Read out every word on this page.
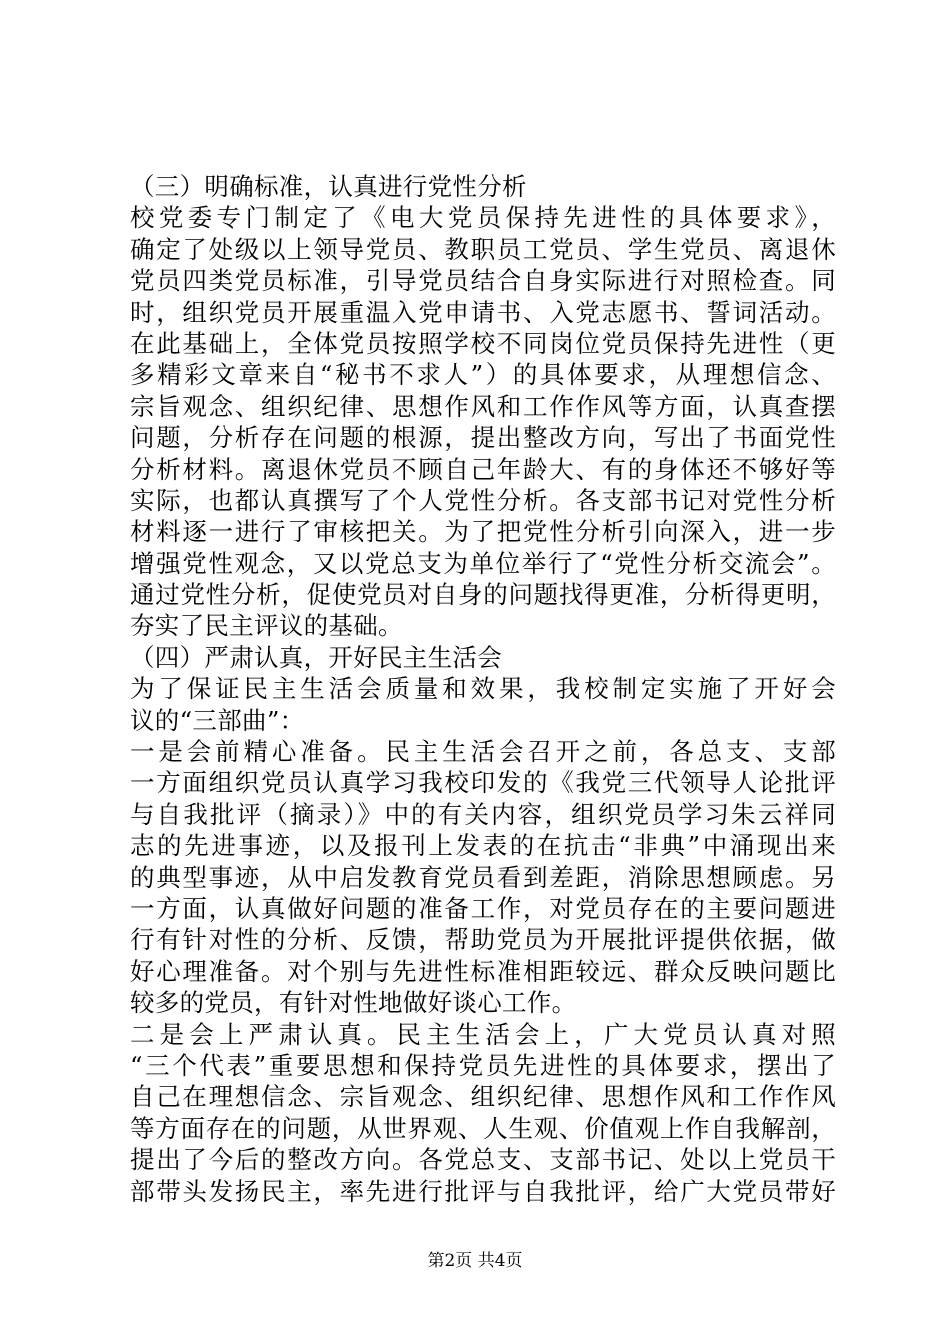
（三）明确标准，认真进行党性分析
校党委专门制定了《电大党员保持先进性的具体要求》，
确定了处级以上领导党员、教职员工党员、学生党员、离退休
党员四类党员标准，引导党员结合自身实际进行对照检查。同
时，组织党员开展重温入党申请书、入党志愿书、誓词活动。
在此基础上，全体党员按照学校不同岗位党员保持先进性（更
多精彩文章来自“秘书不求人”）的具体要求，从理想信念、
宗旨观念、组织纪律、思想作风和工作作风等方面，认真查摆
问题，分析存在问题的根源，提出整改方向，写出了书面党性
分析材料。离退休党员不顾自己年龄大、有的身体还不够好等
实际，也都认真撰写了个人党性分析。各支部书记对党性分析
材料逐一进行了审核把关。为了把党性分析引向深入，进一步
增强党性观念，又以党总支为单位举行了“党性分析交流会”。
通过党性分析，促使党员对自身的问题找得更准，分析得更明，
夯实了民主评议的基础。
（四）严肃认真，开好民主生活会
为了保证民主生活会质量和效果，我校制定实施了开好会
议的“三部曲”：
一是会前精心准备。民主生活会召开之前，各总支、支部
一方面组织党员认真学习我校印发的《我党三代领导人论批评
与自我批评（摘录）》中的有关内容，组织党员学习朱云祥同
志的先进事迹，以及报刊上发表的在抗击“非典”中涌现出来
的典型事迹，从中启发教育党员看到差距，消除思想顾虑。另
一方面，认真做好问题的准备工作，对党员存在的主要问题进
行有针对性的分析、反馈，帮助党员为开展批评提供依据，做
好心理准备。对个别与先进性标准相距较远、群众反映问题比
较多的党员，有针对性地做好谈心工作。
二是会上严肃认真。民主生活会上，广大党员认真对照
“三个代表”重要思想和保持党员先进性的具体要求，摆出了
自己在理想信念、宗旨观念、组织纪律、思想作风和工作作风
等方面存在的问题，从世界观、人生观、价值观上作自我解剖，
提出了今后的整改方向。各党总支、支部书记、处以上党员干
部带头发扬民主，率先进行批评与自我批评，给广大党员带好
第2页 共4页
